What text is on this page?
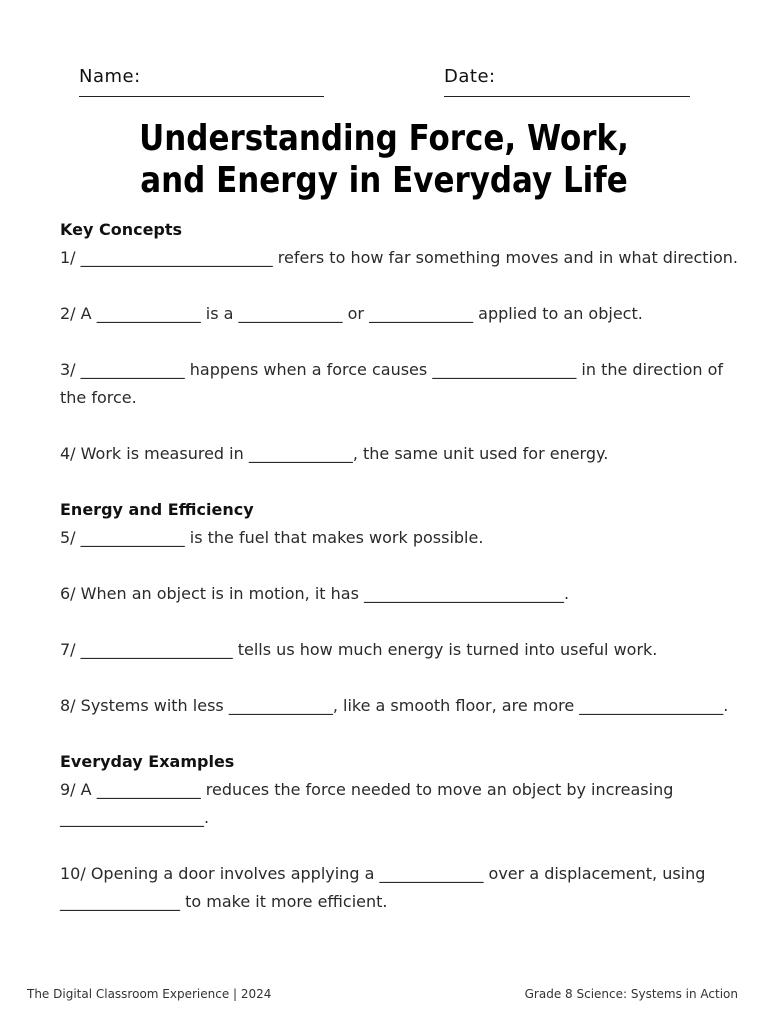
Name:	Date:
Understanding Force, Work,
and Energy in Everyday Life

Key Concepts

1/ ________________________ refers to how far something moves and in what direction.

2/ A _____________ is a _____________ or _____________ applied to an object.

3/ _____________ happens when a force causes __________________ in the direction of the force.

4/ Work is measured in _____________, the same unit used for energy.

Energy and Efficiency

5/ _____________ is the fuel that makes work possible.

6/ When an object is in motion, it has _________________________.

7/ ___________________ tells us how much energy is turned into useful work.

8/ Systems with less _____________, like a smooth floor, are more __________________.

Everyday Examples

9/ A _____________ reduces the force needed to move an object by increasing __________________.

10/ Opening a door involves applying a _____________ over a displacement, using _______________ to make it more efficient.

The Digital Classroom Experience | 2024	Grade 8 Science: Systems in Action
